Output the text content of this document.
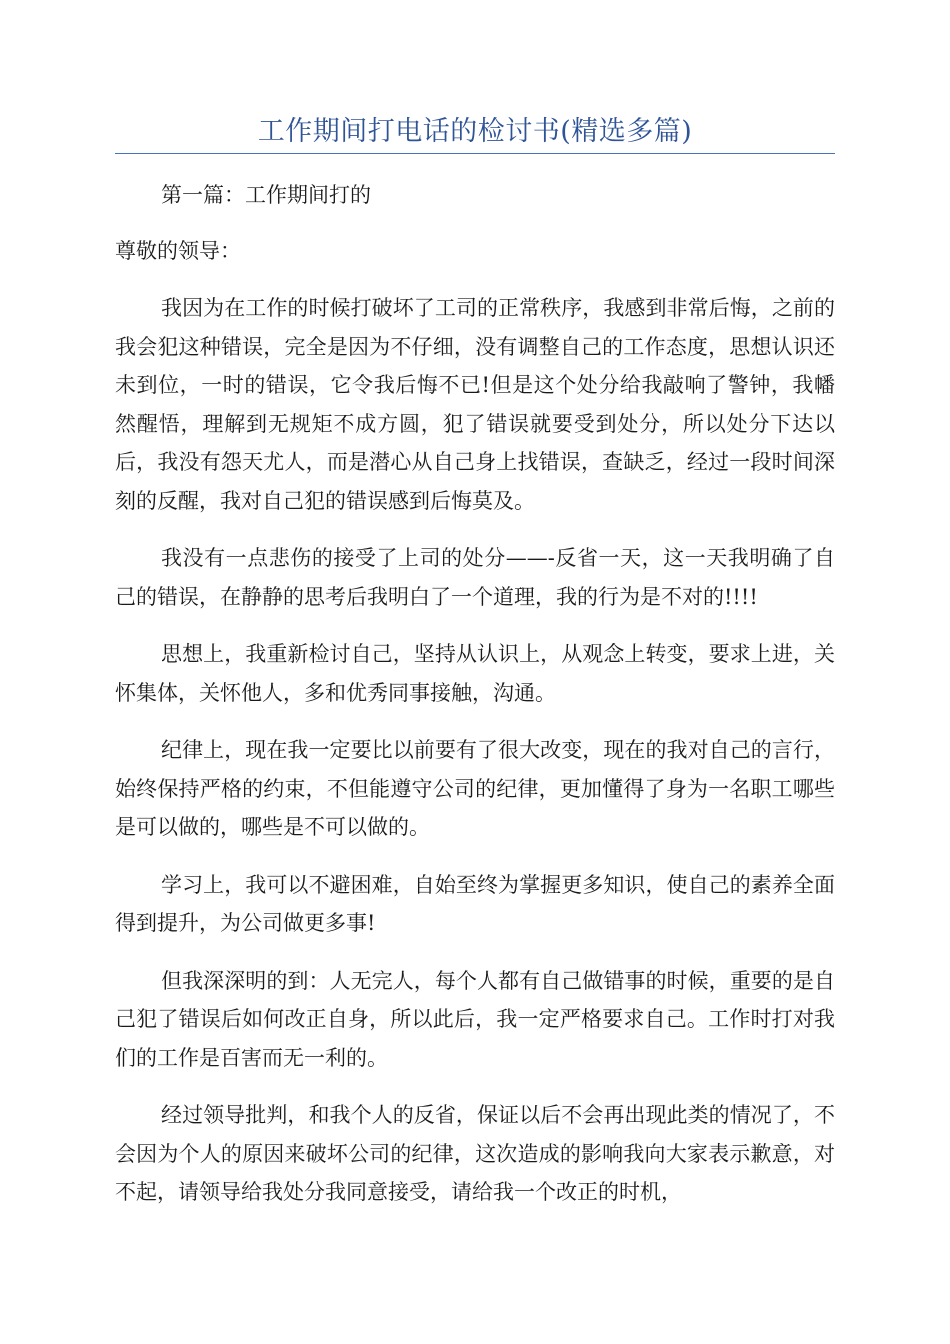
工作期间打电话的检讨书(精选多篇)

第一篇：工作期间打的

尊敬的领导：

我因为在工作的时候打破坏了工司的正常秩序，我感到非常后悔，之前的我会犯这种错误，完全是因为不仔细，没有调整自己的工作态度，思想认识还未到位，一时的错误，它令我后悔不已!但是这个处分给我敲响了警钟，我幡然醒悟，理解到无规矩不成方圆，犯了错误就要受到处分，所以处分下达以后，我没有怨天尤人，而是潜心从自己身上找错误，查缺乏，经过一段时间深刻的反醒，我对自己犯的错误感到后悔莫及。

我没有一点悲伤的接受了上司的处分——-反省一天，这一天我明确了自己的错误，在静静的思考后我明白了一个道理，我的行为是不对的!!!!

思想上，我重新检讨自己，坚持从认识上，从观念上转变，要求上进，关怀集体，关怀他人，多和优秀同事接触，沟通。

纪律上，现在我一定要比以前要有了很大改变，现在的我对自己的言行，始终保持严格的约束，不但能遵守公司的纪律，更加懂得了身为一名职工哪些是可以做的，哪些是不可以做的。

学习上，我可以不避困难，自始至终为掌握更多知识，使自己的素养全面得到提升，为公司做更多事!

但我深深明的到：人无完人，每个人都有自己做错事的时候，重要的是自己犯了错误后如何改正自身，所以此后，我一定严格要求自己。工作时打对我们的工作是百害而无一利的。

经过领导批判，和我个人的反省，保证以后不会再出现此类的情况了，不会因为个人的原因来破坏公司的纪律，这次造成的影响我向大家表示歉意，对不起，请领导给我处分我同意接受，请给我一个改正的时机，
